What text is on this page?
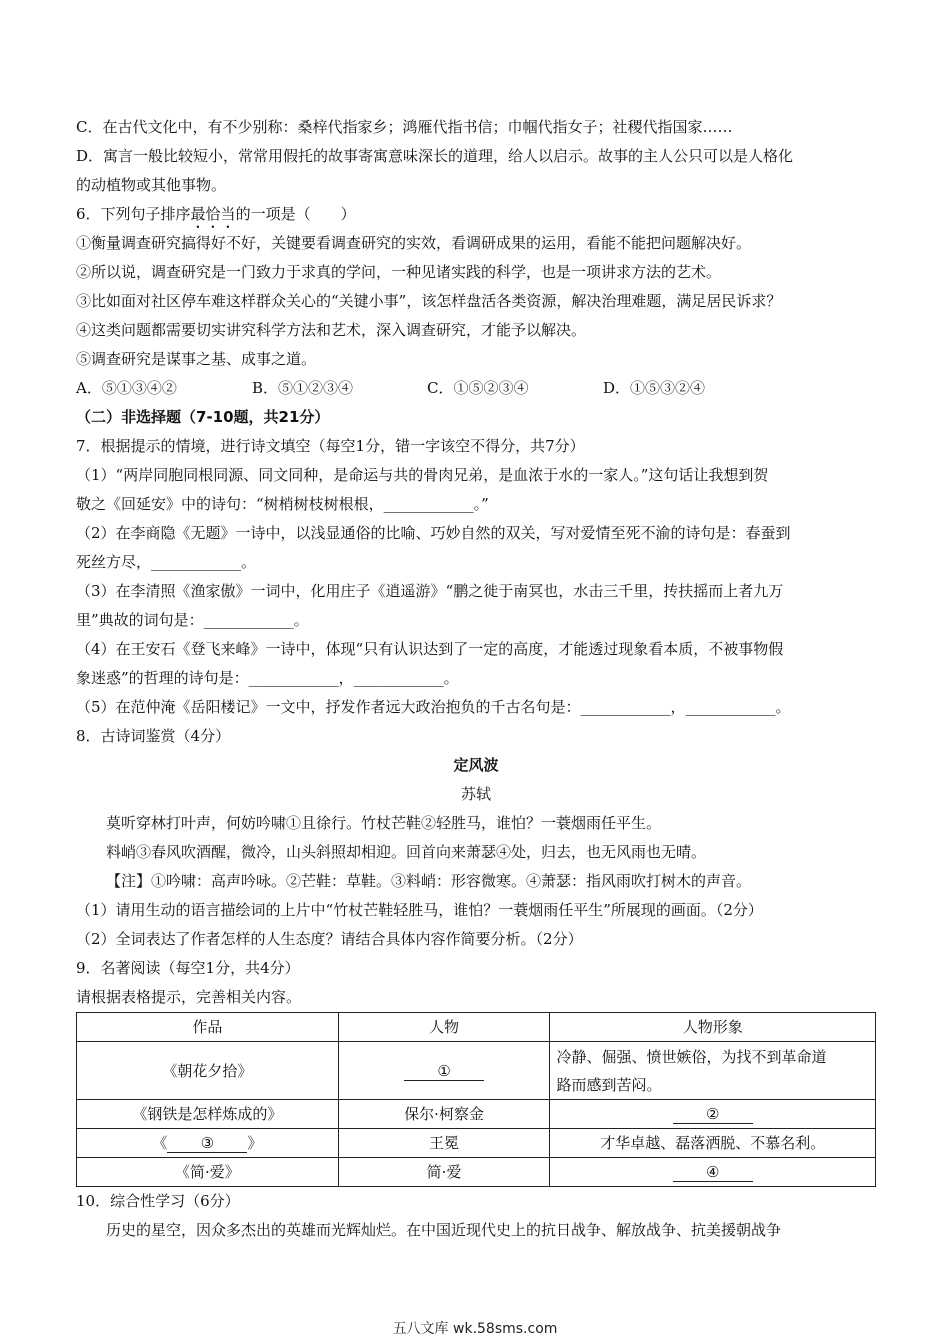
C．在古代文化中，有不少别称：桑梓代指家乡；鸿雁代指书信；巾帼代指女子；社稷代指国家……
D．寓言一般比较短小，常常用假托的故事寄寓意味深长的道理，给人以启示。故事的主人公只可以是人格化
的动植物或其他事物。
6．下列句子排序最恰当的一项是（　　）
①衡量调查研究搞得好不好，关键要看调查研究的实效，看调研成果的运用，看能不能把问题解决好。
②所以说，调查研究是一门致力于求真的学问，一种见诸实践的科学，也是一项讲求方法的艺术。
③比如面对社区停车难这样群众关心的“关键小事”，该怎样盘活各类资源，解决治理难题，满足居民诉求？
④这类问题都需要切实讲究科学方法和艺术，深入调查研究，才能予以解决。
⑤调查研究是谋事之基、成事之道。
A．⑤①③④②	B．⑤①②③④	C．①⑤②③④	D．①⑤③②④
（二）非选择题（7-10题，共21分）
7．根据提示的情境，进行诗文填空（每空1分，错一字该空不得分，共7分）
（1）“两岸同胞同根同源、同文同种，是命运与共的骨肉兄弟，是血浓于水的一家人。”这句话让我想到贺
敬之《回延安》中的诗句：“树梢树枝树根根，____________。”
（2）在李商隐《无题》一诗中，以浅显通俗的比喻、巧妙自然的双关，写对爱情至死不渝的诗句是：春蚕到
死丝方尽，____________。
（3）在李清照《渔家傲》一词中，化用庄子《逍遥游》“鹏之徙于南冥也，水击三千里，抟扶摇而上者九万
里”典故的词句是：____________。
（4）在王安石《登飞来峰》一诗中，体现“只有认识达到了一定的高度，才能透过现象看本质，不被事物假
象迷惑”的哲理的诗句是：____________，____________。
（5）在范仲淹《岳阳楼记》一文中，抒发作者远大政治抱负的千古名句是：____________，____________。
8．古诗词鉴赏（4分）
定风波
苏轼
莫听穿林打叶声，何妨吟啸①且徐行。竹杖芒鞋②轻胜马，谁怕？一蓑烟雨任平生。
料峭③春风吹酒醒，微冷，山头斜照却相迎。回首向来萧瑟④处，归去，也无风雨也无晴。
【注】①吟啸：高声吟咏。②芒鞋：草鞋。③料峭：形容微寒。④萧瑟：指风雨吹打树木的声音。
（1）请用生动的语言描绘词的上片中“竹杖芒鞋轻胜马，谁怕？一蓑烟雨任平生”所展现的画面。（2分）
（2）全词表达了作者怎样的人生态度？请结合具体内容作简要分析。（2分）
9．名著阅读（每空1分，共4分）
请根据表格提示，完善相关内容。
作品	人物	人物形象
《朝花夕拾》	①	冷静、倔强、愤世嫉俗，为找不到革命道
路而感到苦闷。

《钢铁是怎样炼成的》	保尔·柯察金	②
《 ③ 》	王冕	才华卓越、磊落洒脱、不慕名利。
《简·爱》	简·爱	④
10．综合性学习（6分）
历史的星空，因众多杰出的英雄而光辉灿烂。在中国近现代史上的抗日战争、解放战争、抗美援朝战争
五八文库 wk.58sms.com
